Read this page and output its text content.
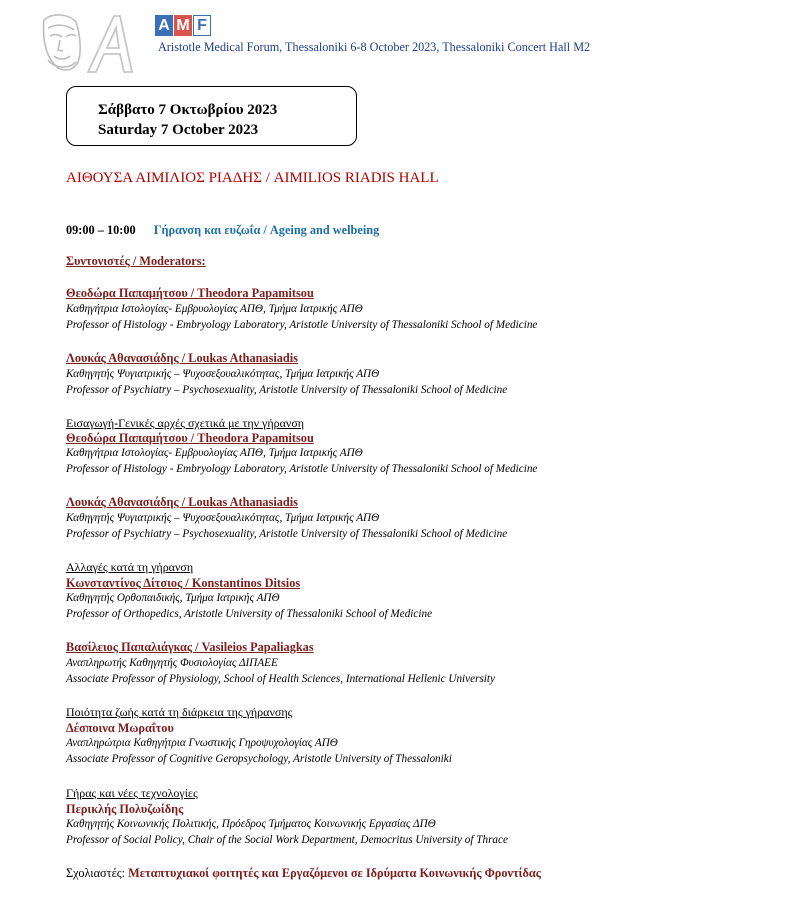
A M F
Aristotle Medical Forum, Thessaloniki 6-8 October 2023, Thessaloniki Concert Hall M2
Σάββατο 7 Οκτωβρίου 2023
Saturday 7 October 2023
ΑΙΘΟΥΣΑ ΑΙΜΙΛΙΟΣ ΡΙΑΔΗΣ / AIMILIOS RIADIS HALL
09:00 – 10:00 Γήρανση και ευζωΐα / Ageing and welbeing
Συντονιστές / Moderators:
Θεοδώρα Παπαμήτσου / Theodora Papamitsou
Καθηγήτρια Ιστολογίας- Εμβρυολογίας ΑΠΘ, Τμήμα Ιατρικής ΑΠΘ
Professor of Histology - Embryology Laboratory, Aristotle University of Thessaloniki School of Medicine
Λουκάς Αθανασιάδης / Loukas Athanasiadis
Καθηγητής Ψυγιατρικής – Ψυχοσεξουαλικότητας, Τμήμα Ιατρικής ΑΠΘ
Professor of Psychiatry – Psychosexuality, Aristotle University of Thessaloniki School of Medicine
Εισαγωγή-Γενικές αρχές σχετικά με την γήρανση
Θεοδώρα Παπαμήτσου / Theodora Papamitsou
Καθηγήτρια Ιστολογίας- Εμβρυολογίας ΑΠΘ, Τμήμα Ιατρικής ΑΠΘ
Professor of Histology - Embryology Laboratory, Aristotle University of Thessaloniki School of Medicine
Λουκάς Αθανασιάδης / Loukas Athanasiadis
Καθηγητής Ψυγιατρικής – Ψυχοσεξουαλικότητας, Τμήμα Ιατρικής ΑΠΘ
Professor of Psychiatry – Psychosexuality, Aristotle University of Thessaloniki School of Medicine
Αλλαγές κατά τη γήρανση
Κωνσταντίνος Δίτσιος / Konstantinos Ditsios
Καθηγητής Ορθοπαιδικής, Τμήμα Ιατρικής ΑΠΘ
Professor of Orthopedics, Aristotle University of Thessaloniki School of Medicine
Βασίλειος Παπαλιάγκας / Vasileios Papaliagkas
Αναπληρωτής Καθηγητής Φυσιολογίας ΔΙΠΑΕΕ
Associate Professor of Physiology, School of Health Sciences, International Hellenic University
Ποιότητα ζωής κατά τη διάρκεια της γήρανσης
Δέσποινα Μωραΐτου
Αναπληρώτρια Καθηγήτρια Γνωστικής Γηροψυχολογίας ΑΠΘ
Associate Professor of Cognitive Geropsychology, Aristotle University of Thessaloniki
Γήρας και νέες τεχνολογίες
Περικλής Πολυζωίδης
Καθηγητής Κοινωνικής Πολιτικής, Πρόεδρος Τμήματος Κοινωνικής Εργασίας ΔΠΘ
Professor of Social Policy, Chair of the Social Work Department, Democritus University of Thrace
Σχολιαστές: Μεταπτυχιακοί φοιτητές και Εργαζόμενοι σε Ιδρύματα Κοινωνικής Φροντίδας
